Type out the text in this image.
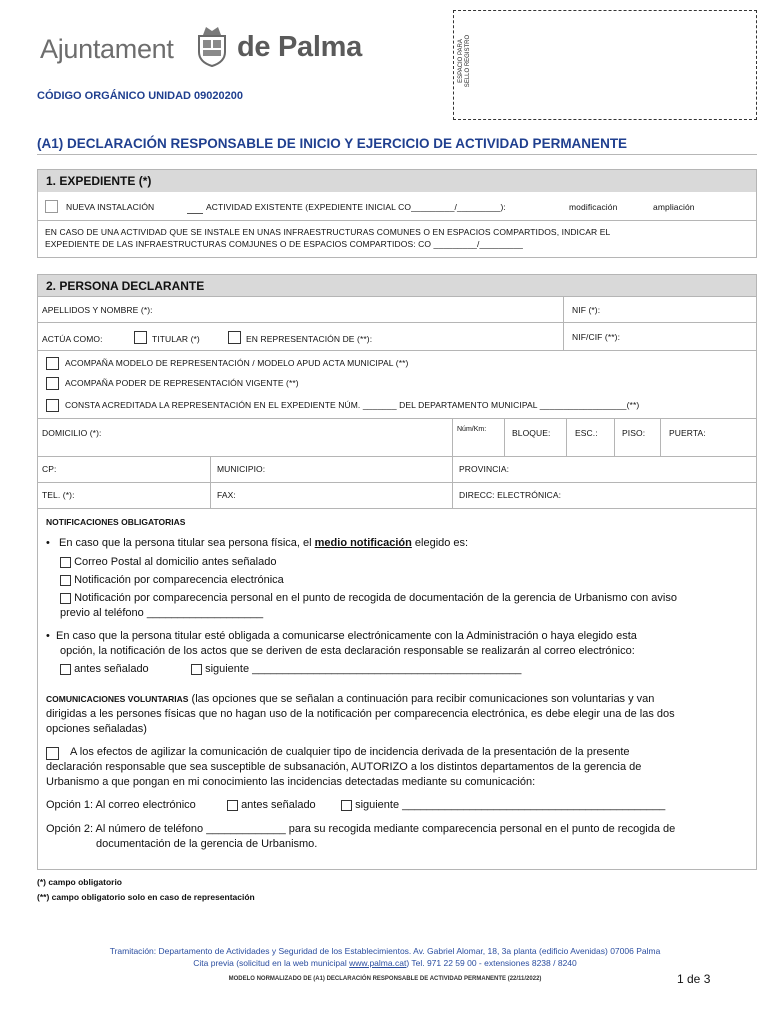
Ajuntament de Palma
CÓDIGO ORGÁNICO UNIDAD 09020200
ESPACIO PARA SELLO REGISTRO
(A1) DECLARACIÓN RESPONSABLE DE INICIO Y EJERCICIO DE ACTIVIDAD PERMANENTE
1. EXPEDIENTE (*)
NUEVA INSTALACIÓN	ACTIVIDAD EXISTENTE (EXPEDIENTE INICIAL CO_________/_________):	modificación	ampliación
EN CASO DE UNA ACTIVIDAD QUE SE INSTALE EN UNAS INFRAESTRUCTURAS COMUNES O EN ESPACIOS COMPARTIDOS, INDICAR EL
EXPEDIENTE DE LAS INFRAESTRUCTURAS COMJUNES O DE ESPACIOS COMPARTIDOS: CO _________/_________
2. PERSONA DECLARANTE
APELLIDOS Y NOMBRE (*):	NIF (*):
ACTÚA COMO:	TITULAR (*)	EN REPRESENTACIÓN DE (**):	NIF/CIF (**):
ACOMPAÑA MODELO DE REPRESENTACIÓN / MODELO APUD ACTA MUNICIPAL (**)
ACOMPAÑA PODER DE REPRESENTACIÓN VIGENTE (**)
CONSTA ACREDITADA LA REPRESENTACIÓN EN EL EXPEDIENTE NÚM. _______ DEL DEPARTAMENTO MUNICIPAL __________________(**)
DOMICILIO (*):	Núm/Km:	BLOQUE:	ESC.:	PISO:	PUERTA:
CP:	MUNICIPIO:	PROVINCIA:
TEL. (*):	FAX:	DIRECC: ELECTRÓNICA:
NOTIFICACIONES OBLIGATORIAS
• En caso que la persona titular sea persona física, el medio notificación elegido es:
Correo Postal al domicilio antes señalado
Notificación por comparecencia electrónica
Notificación por comparecencia personal en el punto de recogida de documentación de la gerencia de Urbanismo con aviso
previo al teléfono ___________________
• En caso que la persona titular esté obligada a comunicarse electrónicamente con la Administración o haya elegido esta
opción, la notificación de los actos que se deriven de esta declaración responsable se realizarán al correo electrónico:
antes señalado	siguiente ____________________________________________
COMUNICACIONES VOLUNTARIAS (las opciones que se señalan a continuación para recibir comunicaciones son voluntarias y van
dirigidas a les persones físicas que no hagan uso de la notificación per comparecencia electrónica, es debe elegir una de las dos
opciones señaladas)
A los efectos de agilizar la comunicación de cualquier tipo de incidencia derivada de la presentación de la presente
declaración responsable que sea susceptible de subsanación, AUTORIZO a los distintos departamentos de la gerencia de
Urbanismo a que pongan en mi conocimiento las incidencias detectadas mediante su comunicación:
Opción 1: Al correo electrónico	antes señalado	siguiente ___________________________________________
Opción 2: Al número de teléfono _____________ para su recogida mediante comparecencia personal en el punto de recogida de
documentación de la gerencia de Urbanismo.
(*) campo obligatorio
(**) campo obligatorio solo en caso de representación
Tramitación: Departamento de Actividades y Seguridad de los Establecimientos. Av. Gabriel Alomar, 18, 3a planta (edificio Avenidas) 07006 Palma
Cita previa (solicitud en la web municipal www.palma.cat) Tel. 971 22 59 00 - extensiones 8238 / 8240
MODELO NORMALIZADO DE (A1) DECLARACIÓN RESPONSABLE DE ACTIVIDAD PERMANENTE (22/11/2022)	1 de 3
